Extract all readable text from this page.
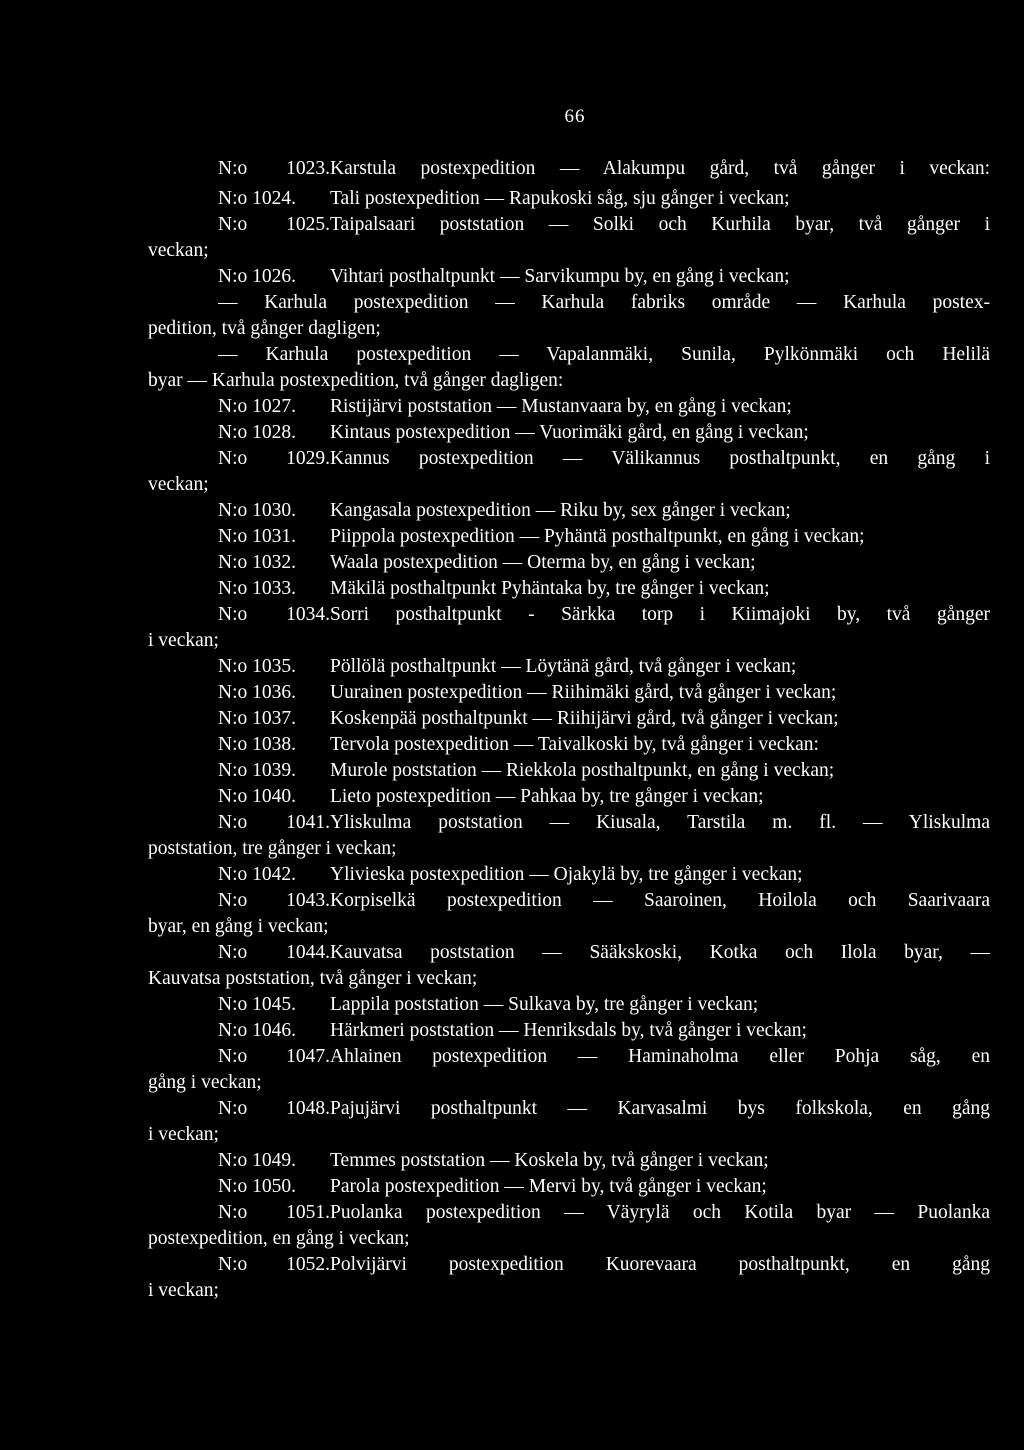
66
N:o 1023.Karstula postexpedition — Alakumpu gård, två gånger i veckan:
N:o 1024. Tali postexpedition — Rapukoski såg, sju gånger i veckan;
N:o 1025.Taipalsaari poststation — Solki och Kurhila byar, två gånger i
veckan;
N:o 1026. Vihtari posthaltpunkt — Sarvikumpu by, en gång i veckan;
— Karhula postexpedition — Karhula fabriks område — Karhula postex-
pedition, två gånger dagligen;
— Karhula postexpedition — Vapalanmäki, Sunila, Pylkönmäki och Helilä
byar — Karhula postexpedition, två gånger dagligen:
N:o 1027. Ristijärvi poststation — Mustanvaara by, en gång i veckan;
N:o 1028. Kintaus postexpedition — Vuorimäki gård, en gång i veckan;
N:o 1029.Kannus postexpedition — Välikannus posthaltpunkt, en gång i
veckan;
N:o 1030. Kangasala postexpedition — Riku by, sex gånger i veckan;
N:o 1031. Piippola postexpedition — Pyhäntä posthaltpunkt, en gång i veckan;
N:o 1032. Waala postexpedition — Oterma by, en gång i veckan;
N:o 1033. Mäkilä posthaltpunkt Pyhäntaka by, tre gånger i veckan;
N:o 1034.Sorri posthaltpunkt - Särkka torp i Kiimajoki by, två gånger
i veckan;
N:o 1035. Pöllölä posthaltpunkt — Löytänä gård, två gånger i veckan;
N:o 1036. Uurainen postexpedition — Riihimäki gård, två gånger i veckan;
N:o 1037. Koskenpää posthaltpunkt — Riihijärvi gård, två gånger i veckan;
N:o 1038. Tervola postexpedition — Taivalkoski by, två gånger i veckan:
N:o 1039. Murole poststation — Riekkola posthaltpunkt, en gång i veckan;
N:o 1040. Lieto postexpedition — Pahkaa by, tre gånger i veckan;
N:o 1041.Yliskulma poststation — Kiusala, Tarstila m. fl. — Yliskulma
poststation, tre gånger i veckan;
N:o 1042. Ylivieska postexpedition — Ojakylä by, tre gånger i veckan;
N:o 1043.Korpiselkä postexpedition — Saaroinen, Hoilola och Saarivaara
byar, en gång i veckan;
N:o 1044.Kauvatsa poststation — Sääkskoski, Kotka och Ilola byar, —
Kauvatsa poststation, två gånger i veckan;
N:o 1045. Lappila poststation — Sulkava by, tre gånger i veckan;
N:o 1046. Härkmeri poststation — Henriksdals by, två gånger i veckan;
N:o 1047.Ahlainen postexpedition — Haminaholma eller Pohja såg, en
gång i veckan;
N:o 1048.Pajujärvi posthaltpunkt — Karvasalmi bys folkskola, en gång
i veckan;
N:o 1049. Temmes poststation — Koskela by, två gånger i veckan;
N:o 1050. Parola postexpedition — Mervi by, två gånger i veckan;
N:o 1051.Puolanka postexpedition — Väyrylä och Kotila byar — Puolanka
postexpedition, en gång i veckan;
N:o 1052.Polvijärvi postexpedition Kuorevaara posthaltpunkt, en gång
i veckan;
